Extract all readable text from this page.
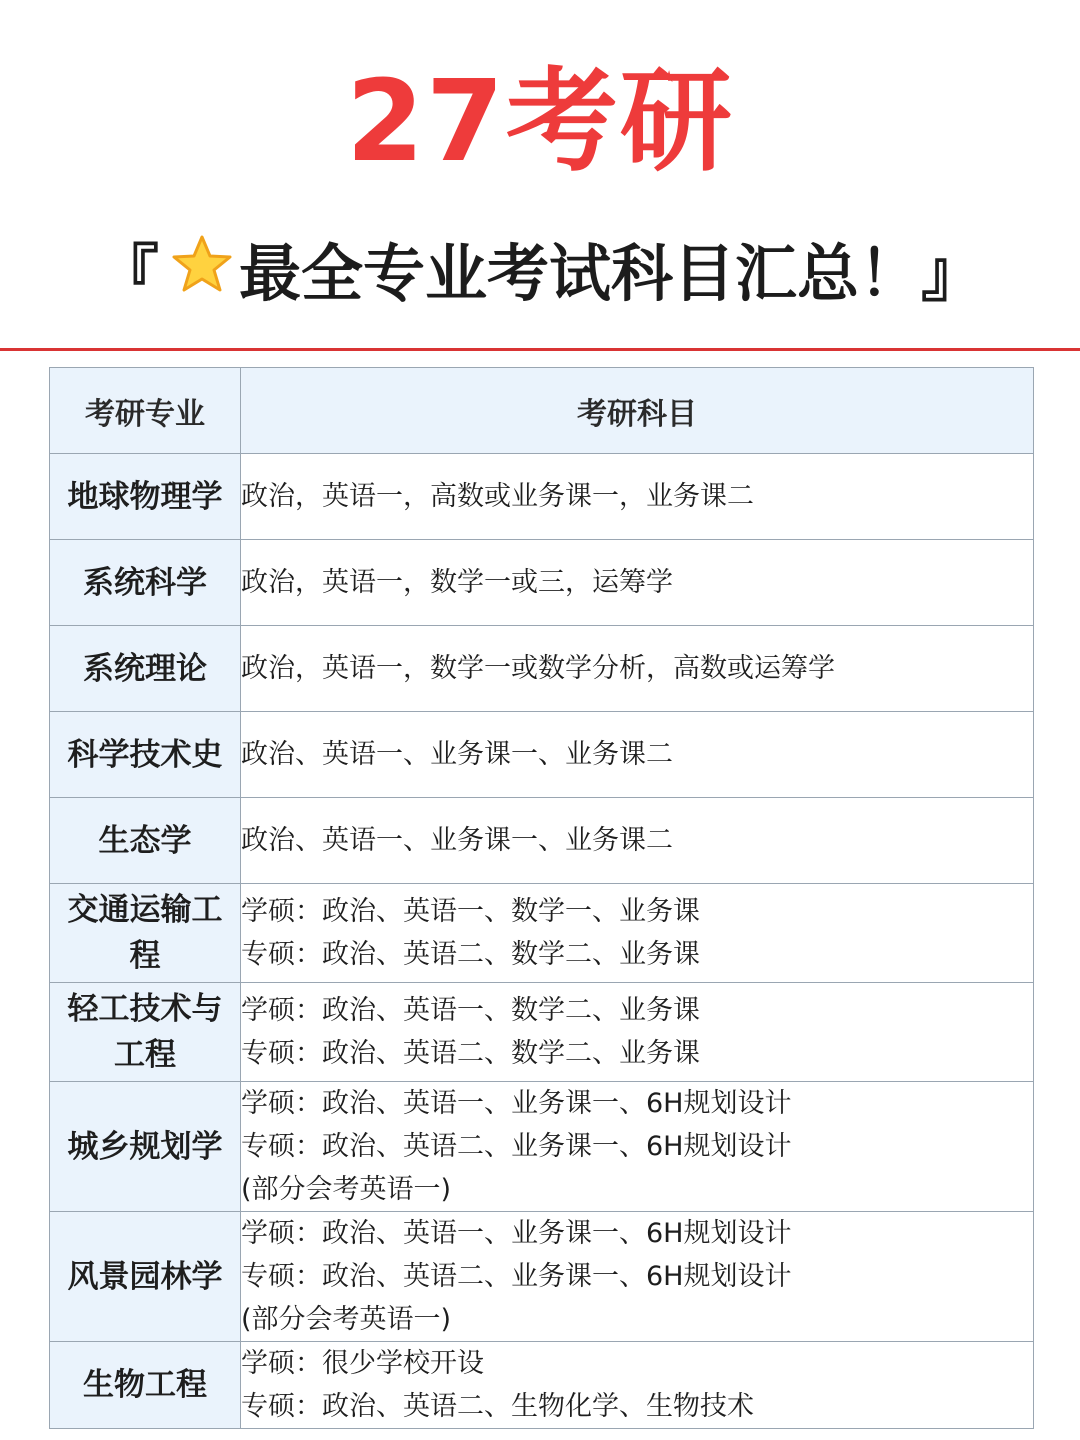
27考研
『 最全专业考试科目汇总！』
考研专业	考研科目

地球物理学	政治，英语一，高数或业务课一，业务课二

系统科学	政治，英语一，数学一或三，运筹学

系统理论	政治，英语一，数学一或数学分析，高数或运筹学

科学技术史	政治、英语一、业务课一、业务课二

生态学	政治、英语一、业务课一、业务课二

交通运输工
程	学硕：政治、英语一、数学一、业务课
专硕：政治、英语二、数学二、业务课

轻工技术与
工程	学硕：政治、英语一、数学二、业务课
专硕：政治、英语二、数学二、业务课

城乡规划学	学硕：政治、英语一、业务课一、6H规划设计
专硕：政治、英语二、业务课一、6H规划设计
(部分会考英语一)

风景园林学	学硕：政治、英语一、业务课一、6H规划设计
专硕：政治、英语二、业务课一、6H规划设计
(部分会考英语一)

生物工程	学硕：很少学校开设
专硕：政治、英语二、生物化学、生物技术
